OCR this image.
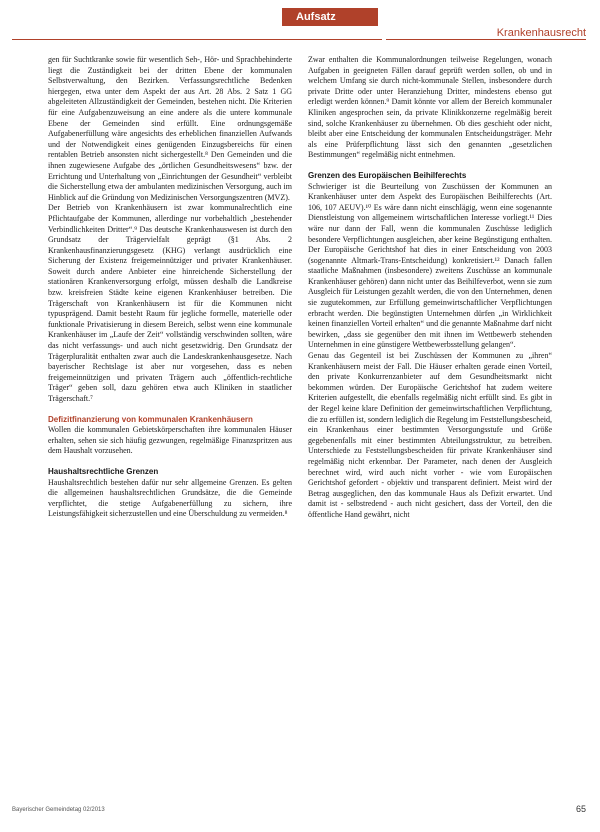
Aufsatz
Krankenhausrecht

gen für Suchtkranke sowie für wesentlich Seh-, Hör- und Sprachbehinderte liegt die Zuständigkeit bei der dritten Ebene der kommunalen Selbstverwaltung, den Bezirken. Verfassungsrechtliche Bedenken hiergegen, etwa unter dem Aspekt der aus Art. 28 Abs. 2 Satz 1 GG abgeleiteten Allzuständigkeit der Gemeinden, bestehen nicht. Die Kriterien für eine Aufgabenzuweisung an eine andere als die untere kommunale Ebene der Gemeinden sind erfüllt. Eine ordnungsgemäße Aufgabenerfüllung wäre angesichts des erheblichen finanziellen Aufwands und der Notwendigkeit eines genügenden Einzugsbereichs für einen rentablen Betrieb ansonsten nicht sichergestellt.⁸ Den Gemeinden und die ihnen zugewiesene Aufgabe des „örtlichen Gesundheitswesens“ bzw. der Errichtung und Unterhaltung von „Einrichtungen der Gesundheit“ verbleibt die Sicherstellung etwa der ambulanten medizinischen Versorgung, auch im Hinblick auf die Gründung von Medizinischen Versorgungszentren (MVZ).

Der Betrieb von Krankenhäusern ist zwar kommunalrechtlich eine Pflichtaufgabe der Kommunen, allerdinge nur vorbehaltlich „bestehender Verbindlichkeiten Dritter“.⁹ Das deutsche Krankenhauswesen ist durch den Grundsatz der Trägervielfalt geprägt (§1 Abs. 2 Krankenhausfinanzierungsgesetz (KHG) verlangt ausdrücklich eine Sicherung der Existenz freigemeinnütziger und privater Krankenhäuser. Soweit durch andere Anbieter eine hinreichende Sicherstellung der stationären Krankenversorgung erfolgt, müssen deshalb die Landkreise bzw. kreisfreien Städte keine eigenen Krankenhäuser betreiben. Die Trägerschaft von Krankenhäusern ist für die Kommunen nicht typusprägend. Damit besteht Raum für jegliche formelle, materielle oder funktionale Privatisierung in diesem Bereich, selbst wenn eine kommunale Krankenhäuser im „Laufe der Zeit“ vollständig verschwinden sollten, wäre das nicht verfassungs- und auch nicht gesetzwidrig. Den Grundsatz der Trägerpluralität enthalten zwar auch die Landeskrankenhausgesetze. Nach bayerischer Rechtslage ist aber nur vorgesehen, dass es neben freigemeinnützigen und privaten Trägern auch „öffentlich-rechtliche Träger“ geben soll, dazu gehören etwa auch Kliniken in staatlicher Trägerschaft.⁷

Defizitfinanzierung von kommunalen Krankenhäusern

Wollen die kommunalen Gebietskörperschaften ihre kommunalen Häuser erhalten, sehen sie sich häufig gezwungen, regelmäßige Finanzspritzen aus dem Haushalt vorzusehen.

Haushaltsrechtliche Grenzen

Haushaltsrechtlich bestehen dafür nur sehr allgemeine Grenzen. Es gelten die allgemeinen haushaltsrechtlichen Grundsätze, die die Gemeinde verpflichtet, die stetige Aufgabenerfüllung zu sichern, ihre Leistungsfähigkeit sicherzustellen und eine Überschuldung zu vermeiden.⁸

Zwar enthalten die Kommunalordnungen teilweise Regelungen, wonach Aufgaben in geeigneten Fällen darauf geprüft werden sollen, ob und in welchem Umfang sie durch nicht-kommunale Stellen, insbesondere durch private Dritte oder unter Heranziehung Dritter, mindestens ebenso gut erledigt werden können.⁹ Damit könnte vor allem der Bereich kommunaler Kliniken angesprochen sein, da private Klinikkonzerne regelmäßig bereit sind, solche Krankenhäuser zu übernehmen. Ob dies geschieht oder nicht, bleibt aber eine Entscheidung der kommunalen Entscheidungsträger. Mehr als eine Prüferpflichtung lässt sich den genannten „gesetzlichen Bestimmungen“ regelmäßig nicht entnehmen.

Grenzen des Europäischen Beihilferechts

Schwieriger ist die Beurteilung von Zuschüssen der Kommunen an Krankenhäuser unter dem Aspekt des Europäischen Beihilferechts (Art. 106, 107 AEUV).¹⁰ Es wäre dann nicht einschlägig, wenn eine sogenannte Dienstleistung von allgemeinem wirtschaftlichen Interesse vorliegt.¹¹ Dies wäre nur dann der Fall, wenn die kommunalen Zuschüsse lediglich besondere Verpflichtungen ausgleichen, aber keine Begünstigung enthalten. Der Europäische Gerichtshof hat dies in einer Entscheidung von 2003 (sogenannte Altmark-Trans-Entscheidung) konkretisiert.¹² Danach fallen staatliche Maßnahmen (insbesondere) zweitens Zuschüsse an kommunale Krankenhäuser gehören) dann nicht unter das Beihilfeverbot, wenn sie zum Ausgleich für Leistungen gezahlt werden, die von den Unternehmen, denen sie zugutekommen, zur Erfüllung gemeinwirtschaftlicher Verpflichtungen erbracht werden. Die begünstigten Unternehmen dürfen „in Wirklichkeit keinen finanziellen Vorteil erhalten“ und die genannte Maßnahme darf nicht bewirken, „dass sie gegenüber den mit ihnen im Wettbewerb stehenden Unternehmen in eine günstigere Wettbewerbsstellung gelangen“.

Genau das Gegenteil ist bei Zuschüssen der Kommunen zu „ihren“ Krankenhäusern meist der Fall. Die Häuser erhalten gerade einen Vorteil, den private Konkurrenzanbieter auf dem Gesundheitsmarkt nicht bekommen würden. Der Europäische Gerichtshof hat zudem weitere Kriterien aufgestellt, die ebenfalls regelmäßig nicht erfüllt sind. Es gibt in der Regel keine klare Definition der gemeinwirtschaftlichen Verpflichtung, die zu erfüllen ist, sondern lediglich die Regelung im Feststellungsbescheid, ein Krankenhaus einer bestimmten Versorgungsstufe und Größe gegebenenfalls mit einer bestimmten Abteilungsstruktur, zu betreiben. Unterschiede zu Feststellungsbescheiden für private Krankenhäuser sind regelmäßig nicht erkennbar. Der Parameter, nach denen der Ausgleich berechnet wird, wird auch nicht vorher - wie vom Europäischen Gerichtshof gefordert - objektiv und transparent definiert. Meist wird der Betrag ausgeglichen, den das kommunale Haus als Defizit erwartet. Und damit ist - selbstredend - auch nicht gesichert, dass der Vorteil, den die öffentliche Hand gewährt, nicht

Bayerischer Gemeindetag 02/2013	65
